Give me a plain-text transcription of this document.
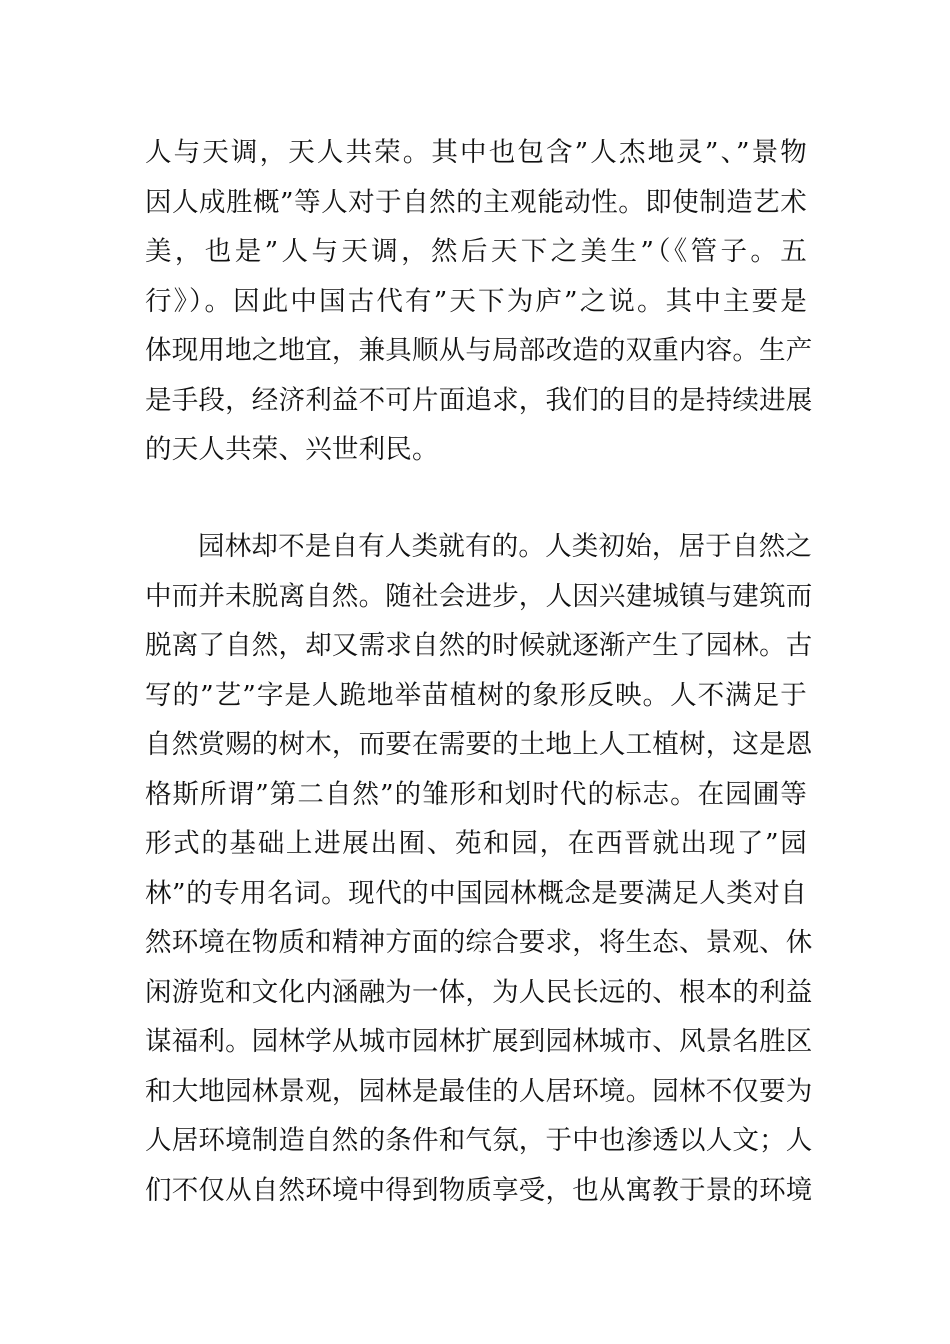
人与天调，天人共荣。其中也包含”人杰地灵”、”景物
因人成胜概”等人对于自然的主观能动性。即使制造艺术
美，也是”人与天调，然后天下之美生”（《管子。五
行》）。因此中国古代有”天下为庐”之说。其中主要是
体现用地之地宜，兼具顺从与局部改造的双重内容。生产
是手段，经济利益不可片面追求，我们的目的是持续进展
的天人共荣、兴世利民。
园林却不是自有人类就有的。人类初始，居于自然之
中而并未脱离自然。随社会进步，人因兴建城镇与建筑而
脱离了自然，却又需求自然的时候就逐渐产生了园林。古
写的”艺”字是人跪地举苗植树的象形反映。人不满足于
自然赏赐的树木，而要在需要的土地上人工植树，这是恩
格斯所谓”第二自然”的雏形和划时代的标志。在园圃等
形式的基础上进展出囿、苑和园，在西晋就出现了”园
林”的专用名词。现代的中国园林概念是要满足人类对自
然环境在物质和精神方面的综合要求，将生态、景观、休
闲游览和文化内涵融为一体，为人民长远的、根本的利益
谋福利。园林学从城市园林扩展到园林城市、风景名胜区
和大地园林景观，园林是最佳的人居环境。园林不仅要为
人居环境制造自然的条件和气氛，于中也渗透以人文；人
们不仅从自然环境中得到物质享受，也从寓教于景的环境
